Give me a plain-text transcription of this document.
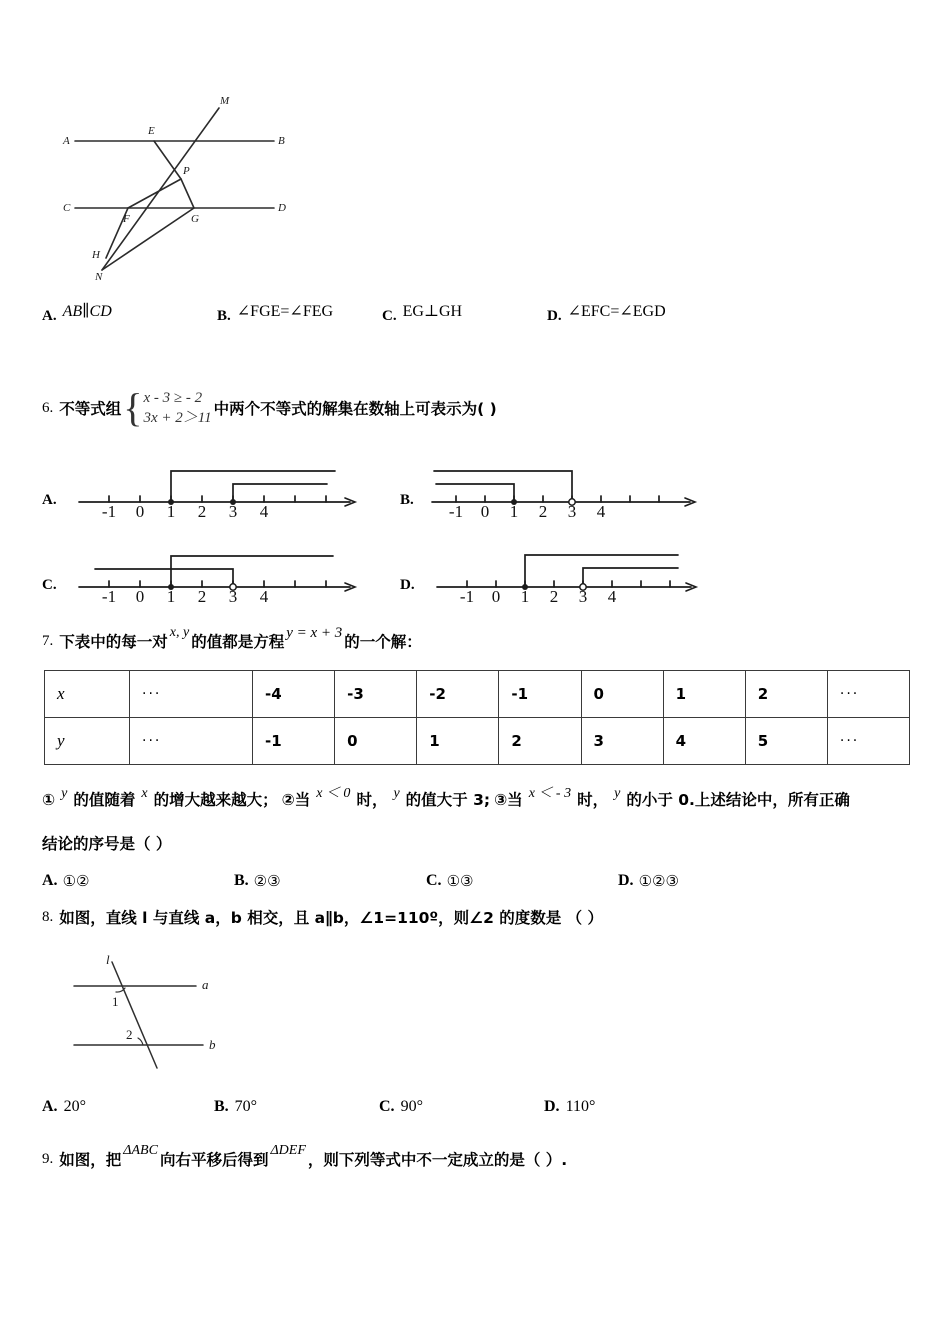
A	B
C	D
E
F	G
H
M
N
P
A. AB∥CD	B. ∠FGE=∠FEG	C. EG⊥GH	D. ∠EFC=∠EGD
6. 不等式组 { x - 3 ≥ - 2
3x + 2＞11 中两个不等式的解集在数轴上可表示为( )
A.
-1 0 1 2 3 4
B.
-1 0 1 2 3 4
C.
-1 0 1 2 3 4
D.
-1 0 1 2 3 4
7. 下表中的每一对
x, y
的值都是方程
y = x + 3
的一个解：
x	···	-4	-3	-2	-1	0	1	2	···
y	···	-1	0	1	2	3	4	5	···
① y 的值随着 x 的增大越来越大； ②当 x ＜ 0 时， y 的值大于 3; ③当 x ＜ - 3 时， y 的小于 0.上述结论中，所有正确
结论的序号是（ ）
A. ①②	B. ②③	C. ①③	D. ①②③
8. 如图，直线 l 与直线 a，b 相交，且 a∥b，∠1=110º，则∠2 的度数是 （ ）
l
a
b
1
2
A. 20°	B. 70°	C. 90°	D. 110°
9. 如图，把
ΔABC
向右平移后得到
ΔDEF
，则下列等式中不一定成立的是（ ）.
